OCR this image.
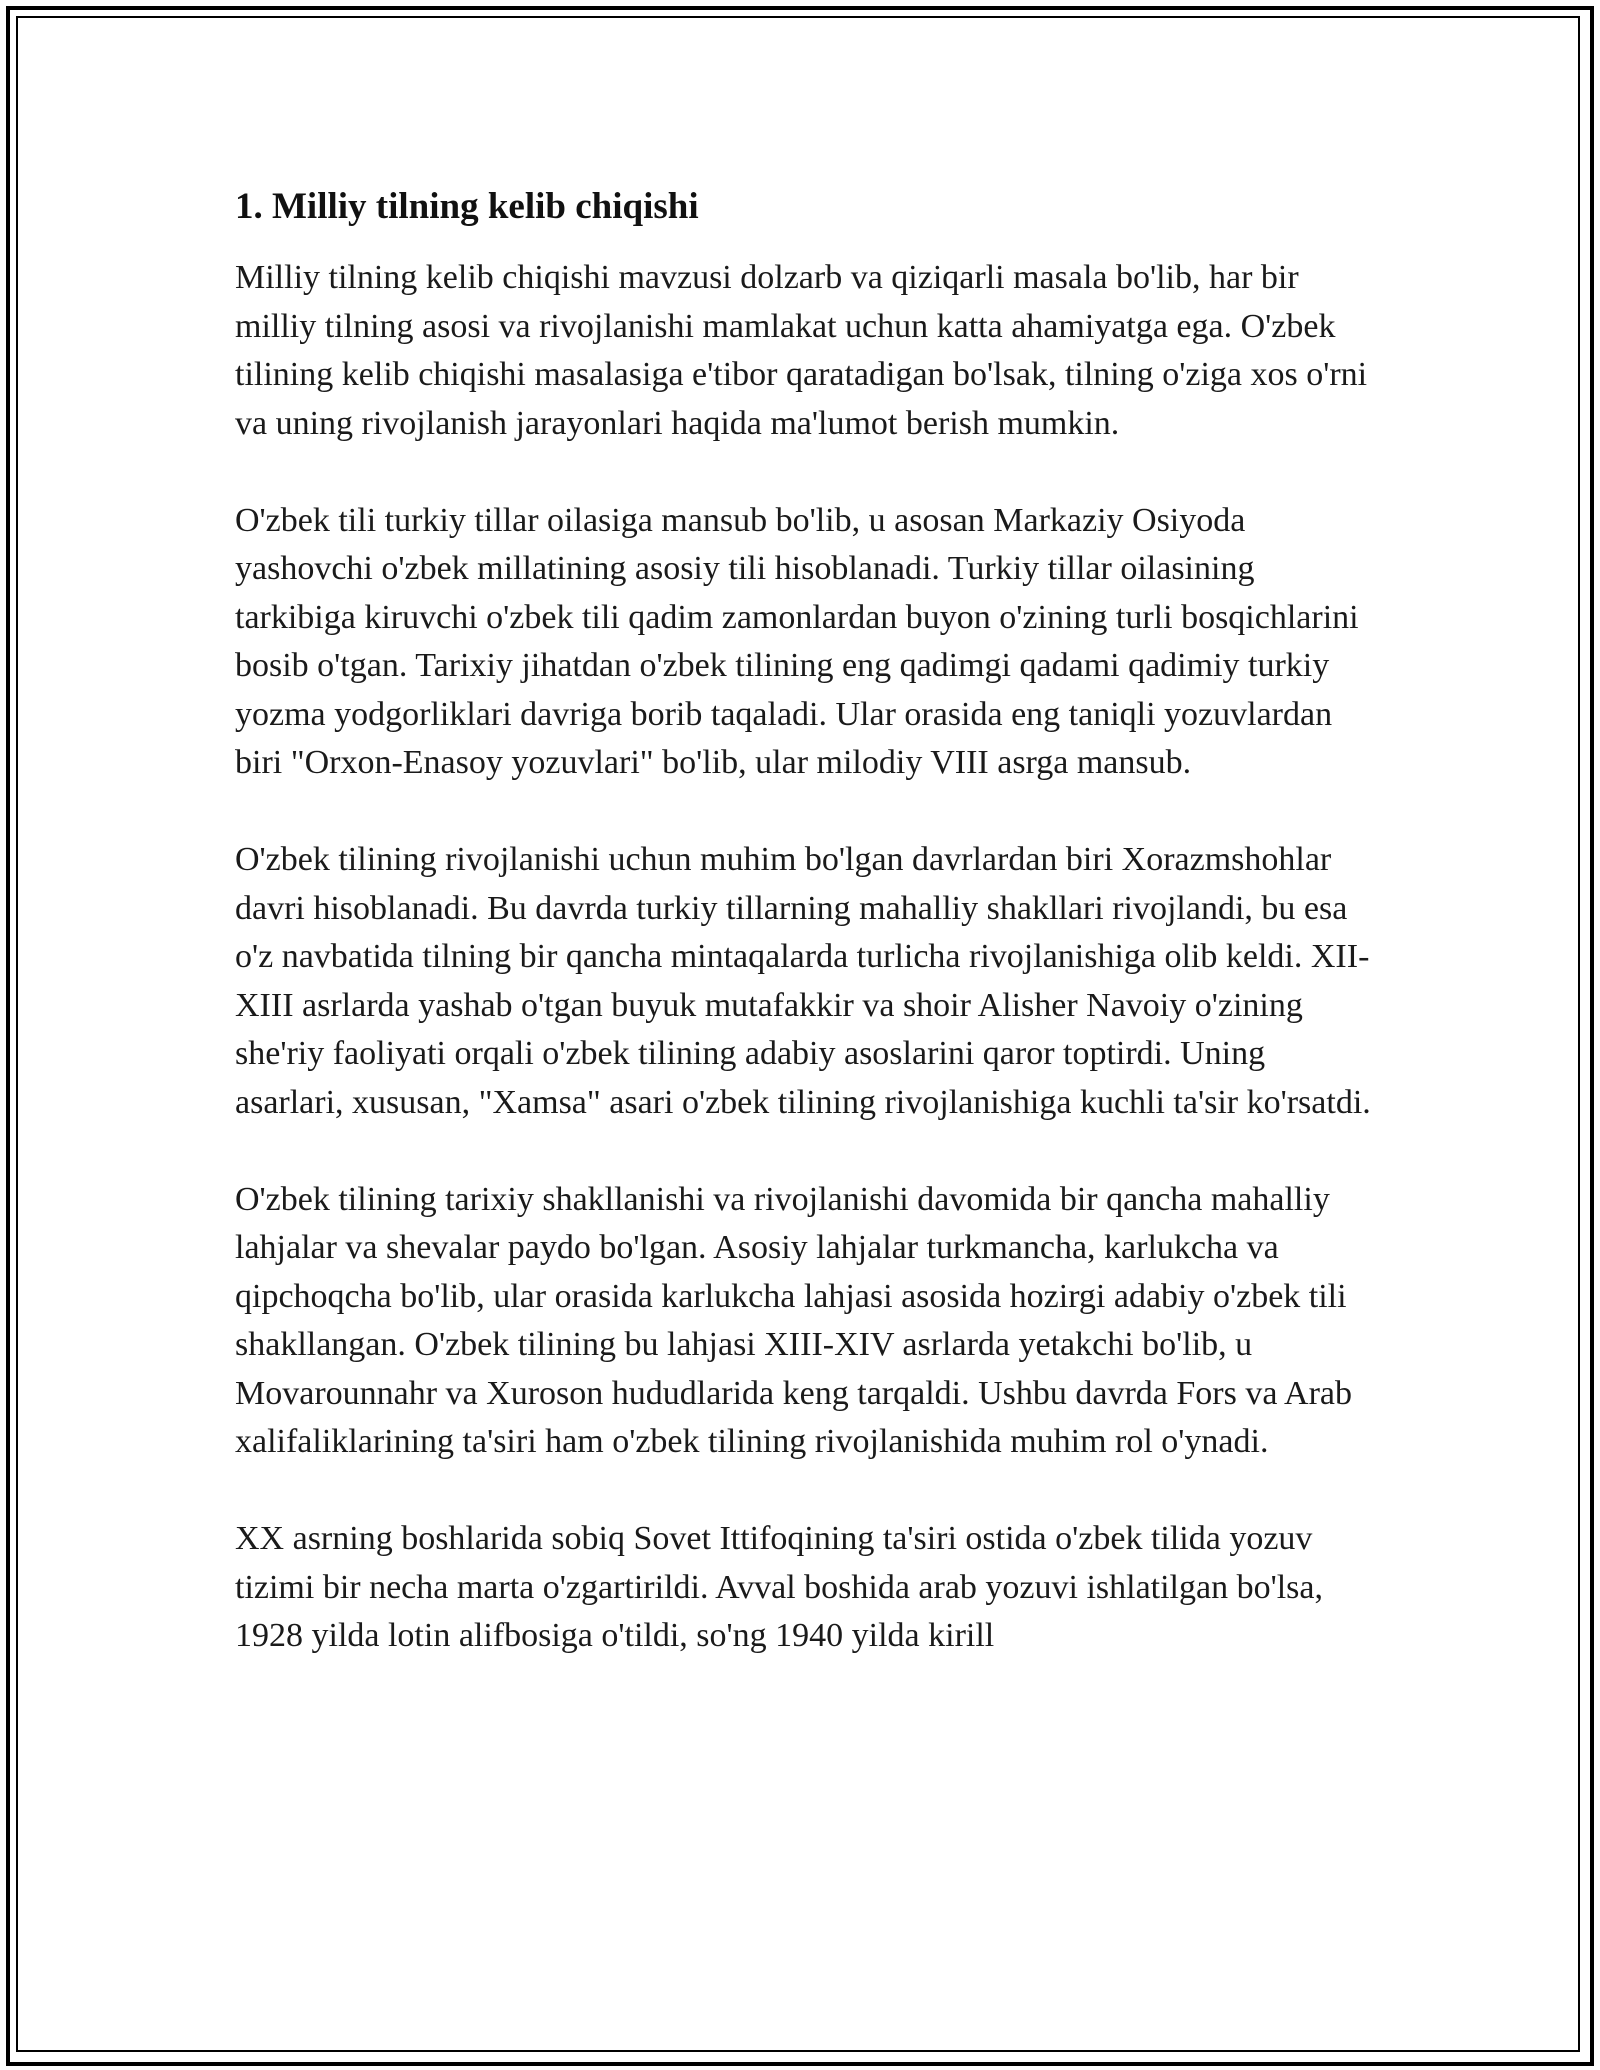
1. Milliy tilning kelib chiqishi

Milliy tilning kelib chiqishi mavzusi dolzarb va qiziqarli masala bo'lib, har bir milliy tilning asosi va rivojlanishi mamlakat uchun katta ahamiyatga ega. O'zbek tilining kelib chiqishi masalasiga e'tibor qaratadigan bo'lsak, tilning o'ziga xos o'rni va uning rivojlanish jarayonlari haqida ma'lumot berish mumkin.

O'zbek tili turkiy tillar oilasiga mansub bo'lib, u asosan Markaziy Osiyoda yashovchi o'zbek millatining asosiy tili hisoblanadi. Turkiy tillar oilasining tarkibiga kiruvchi o'zbek tili qadim zamonlardan buyon o'zining turli bosqichlarini bosib o'tgan. Tarixiy jihatdan o'zbek tilining eng qadimgi qadami qadimiy turkiy yozma yodgorliklari davriga borib taqaladi. Ular orasida eng taniqli yozuvlardan biri "Orxon-Enasoy yozuvlari" bo'lib, ular milodiy VIII asrga mansub.

O'zbek tilining rivojlanishi uchun muhim bo'lgan davrlardan biri Xorazmshohlar davri hisoblanadi. Bu davrda turkiy tillarning mahalliy shakllari rivojlandi, bu esa o'z navbatida tilning bir qancha mintaqalarda turlicha rivojlanishiga olib keldi. XII-XIII asrlarda yashab o'tgan buyuk mutafakkir va shoir Alisher Navoiy o'zining she'riy faoliyati orqali o'zbek tilining adabiy asoslarini qaror toptirdi. Uning asarlari, xususan, "Xamsa" asari o'zbek tilining rivojlanishiga kuchli ta'sir ko'rsatdi.

O'zbek tilining tarixiy shakllanishi va rivojlanishi davomida bir qancha mahalliy lahjalar va shevalar paydo bo'lgan. Asosiy lahjalar turkmancha, karlukcha va qipchoqcha bo'lib, ular orasida karlukcha lahjasi asosida hozirgi adabiy o'zbek tili shakllangan. O'zbek tilining bu lahjasi XIII-XIV asrlarda yetakchi bo'lib, u Movarounnahr va Xuroson hududlarida keng tarqaldi. Ushbu davrda Fors va Arab xalifaliklarining ta'siri ham o'zbek tilining rivojlanishida muhim rol o'ynadi.

XX asrning boshlarida sobiq Sovet Ittifoqining ta'siri ostida o'zbek tilida yozuv tizimi bir necha marta o'zgartirildi. Avval boshida arab yozuvi ishlatilgan bo'lsa, 1928 yilda lotin alifbosiga o'tildi, so'ng 1940 yilda kirill
